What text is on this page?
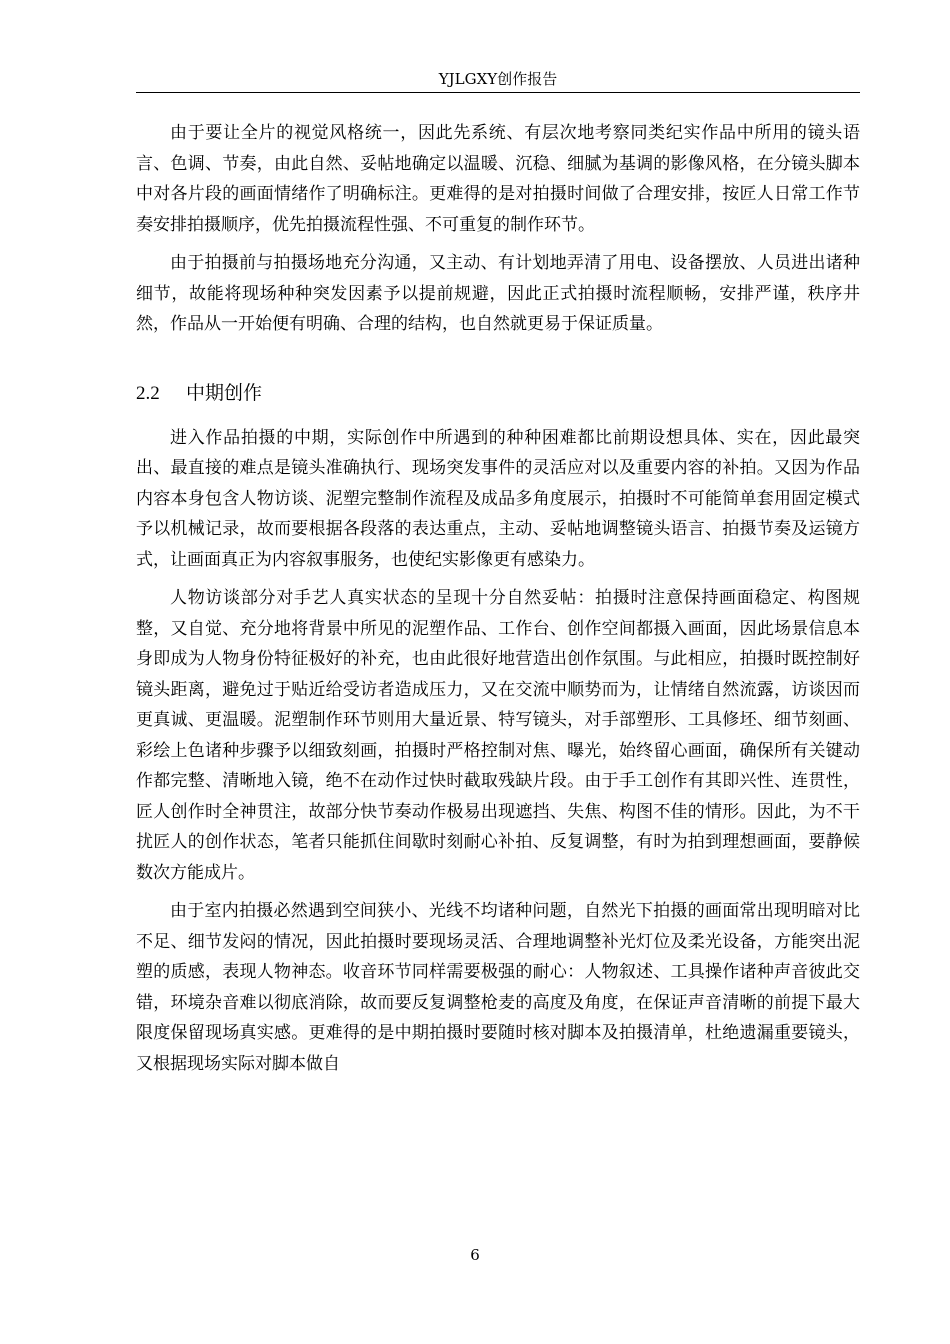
YJLGXY创作报告

由于要让全片的视觉风格统一，因此先系统、有层次地考察同类纪实作品中所用的镜头语言、色调、节奏，由此自然、妥帖地确定以温暖、沉稳、细腻为基调的影像风格，在分镜头脚本中对各片段的画面情绪作了明确标注。更难得的是对拍摄时间做了合理安排，按匠人日常工作节奏安排拍摄顺序，优先拍摄流程性强、不可重复的制作环节。

由于拍摄前与拍摄场地充分沟通，又主动、有计划地弄清了用电、设备摆放、人员进出诸种细节，故能将现场种种突发因素予以提前规避，因此正式拍摄时流程顺畅，安排严谨，秩序井然，作品从一开始便有明确、合理的结构，也自然就更易于保证质量。

2.2 中期创作

进入作品拍摄的中期，实际创作中所遇到的种种困难都比前期设想具体、实在，因此最突出、最直接的难点是镜头准确执行、现场突发事件的灵活应对以及重要内容的补拍。又因为作品内容本身包含人物访谈、泥塑完整制作流程及成品多角度展示，拍摄时不可能简单套用固定模式予以机械记录，故而要根据各段落的表达重点，主动、妥帖地调整镜头语言、拍摄节奏及运镜方式，让画面真正为内容叙事服务，也使纪实影像更有感染力。

人物访谈部分对手艺人真实状态的呈现十分自然妥帖：拍摄时注意保持画面稳定、构图规整，又自觉、充分地将背景中所见的泥塑作品、工作台、创作空间都摄入画面，因此场景信息本身即成为人物身份特征极好的补充，也由此很好地营造出创作氛围。与此相应，拍摄时既控制好镜头距离，避免过于贴近给受访者造成压力，又在交流中顺势而为，让情绪自然流露，访谈因而更真诚、更温暖。泥塑制作环节则用大量近景、特写镜头，对手部塑形、工具修坯、细节刻画、彩绘上色诸种步骤予以细致刻画，拍摄时严格控制对焦、曝光，始终留心画面，确保所有关键动作都完整、清晰地入镜，绝不在动作过快时截取残缺片段。由于手工创作有其即兴性、连贯性，匠人创作时全神贯注，故部分快节奏动作极易出现遮挡、失焦、构图不佳的情形。因此，为不干扰匠人的创作状态，笔者只能抓住间歇时刻耐心补拍、反复调整，有时为拍到理想画面，要静候数次方能成片。

由于室内拍摄必然遇到空间狭小、光线不均诸种问题，自然光下拍摄的画面常出现明暗对比不足、细节发闷的情况，因此拍摄时要现场灵活、合理地调整补光灯位及柔光设备，方能突出泥塑的质感，表现人物神态。收音环节同样需要极强的耐心：人物叙述、工具操作诸种声音彼此交错，环境杂音难以彻底消除，故而要反复调整枪麦的高度及角度，在保证声音清晰的前提下最大限度保留现场真实感。更难得的是中期拍摄时要随时核对脚本及拍摄清单，杜绝遗漏重要镜头，又根据现场实际对脚本做自

6
